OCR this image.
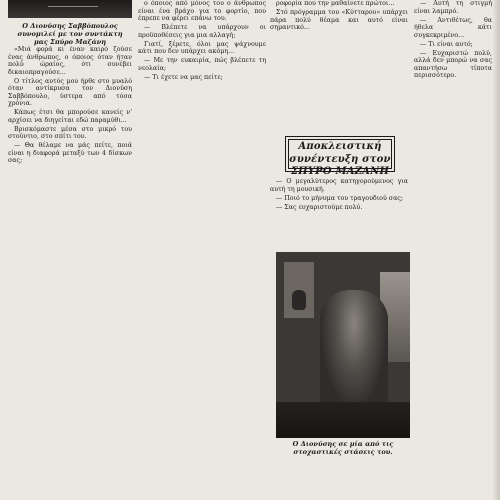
Ο Διονύσης Σαββόπουλος συνομιλεί με τον συντάκτη μας Σπύρο Μαζάνη

«Μιά φορά κι έναν καιρό ζούσε ένας άνθρωπος, ο όποιος όταν ήταν πολύ ώραίος, ότι συνέβει δικαιοπραγούσε...

Ο τίτλος αυτός μου ήρθε στο μυαλό όταν αντίκρυσα τον Διονύση Σαββόπουλο, ύστερα από τόσα χρόνια.

Κάπως έτσι θα μπορούσε κανείς ν' αρχίσει να διηγείται εδώ παραμύθι...

Βρισκόμαστε μέσα στο μικρό του στούντιο, στο σπίτι του.

— Θα θέλαμε να μάς πείτε, ποιά είναι η διαφορά μεταξύ των 4 δίσκων σας;

ο όποιος από μόνος του ο άνθρωπος είναι ένα βράχο για το φορτίο, που έπρεπε να φέρει επάνω του.

— Βλέπετε να υπάρχουν οι προϋποθέσεις για μια αλλαγή;

Γιατί, ξέρετε, όλοι μας ψάχνουμε κάτι που δεν υπάρχει ακόμη...

— Με την ευκαιρία, πώς βλέπετε τη νεολαία;

— Τι έχετε να μας πείτε;

ροφορία που την μαθαίνετε πρώτοι...

Στό πρόγραμμα του «Κύτταρου» υπάρχει πάρα πολύ θέαμα και αυτό είναι σημαντικό...

Αποκλειστική συνέντευξη στον ΣΠΥΡΟ ΜΑΖΑΝΗ

— Ο μεγαλύτερος κατηγορούμενος για αυτή τη μουσική.

— Ποιό το μήνυμα του τραγουδιού σας;

— Σας ευχαριστούμε πολύ.

Ο Διονύσης σε μία από τις στοχαστικές στάσεις του.

— Αυτή τη στιγμή είναι λαμπρό.

— Αντιθέτως, θα ήθελα κάτι συγκεκριμένο...

— Τι είναι αυτό;

— Ευχαριστώ πολύ, αλλά δεν μπορώ να σας απαντήσω τίποτα περισσότερο.
